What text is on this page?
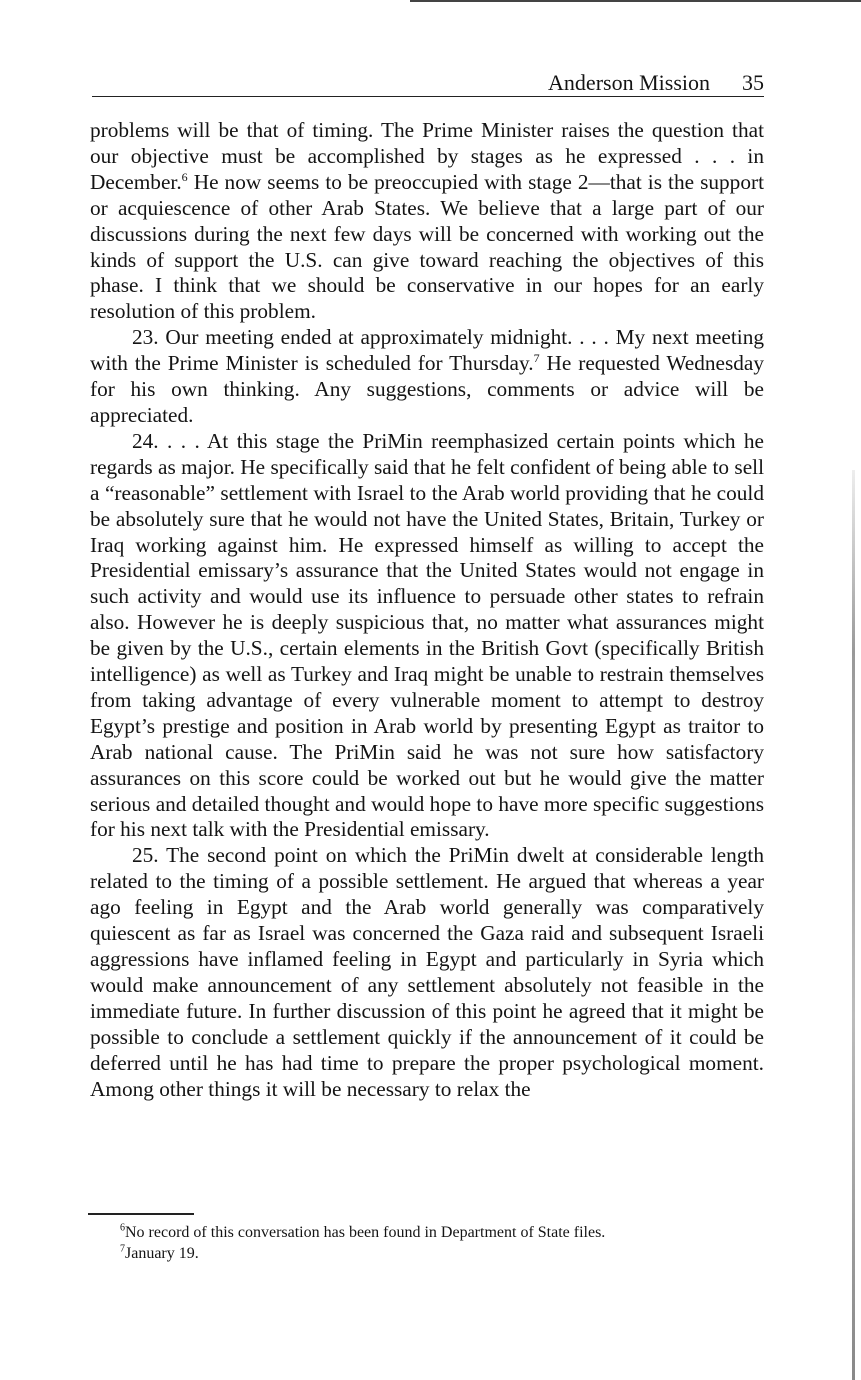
Anderson Mission 35

problems will be that of timing. The Prime Minister raises the question that our objective must be accomplished by stages as he expressed . . . in December.$^6$ He now seems to be preoccupied with stage 2—that is the support or acquiescence of other Arab States. We believe that a large part of our discussions during the next few days will be concerned with working out the kinds of support the U.S. can give toward reaching the objectives of this phase. I think that we should be conservative in our hopes for an early resolution of this problem.

23. Our meeting ended at approximately midnight. . . . My next meeting with the Prime Minister is scheduled for Thursday.$^7$ He requested Wednesday for his own thinking. Any suggestions, comments or advice will be appreciated.

24. . . . At this stage the PriMin reemphasized certain points which he regards as major. He specifically said that he felt confident of being able to sell a “reasonable” settlement with Israel to the Arab world providing that he could be absolutely sure that he would not have the United States, Britain, Turkey or Iraq working against him. He expressed himself as willing to accept the Presidential emissary’s assurance that the United States would not engage in such activity and would use its influence to persuade other states to refrain also. However he is deeply suspicious that, no matter what assurances might be given by the U.S., certain elements in the British Govt (specifically British intelligence) as well as Turkey and Iraq might be unable to restrain themselves from taking advantage of every vulnerable moment to attempt to destroy Egypt’s prestige and position in Arab world by presenting Egypt as traitor to Arab national cause. The PriMin said he was not sure how satisfactory assurances on this score could be worked out but he would give the matter serious and detailed thought and would hope to have more specific suggestions for his next talk with the Presidential emissary.

25. The second point on which the PriMin dwelt at considerable length related to the timing of a possible settlement. He argued that whereas a year ago feeling in Egypt and the Arab world generally was comparatively quiescent as far as Israel was concerned the Gaza raid and subsequent Israeli aggressions have inflamed feeling in Egypt and particularly in Syria which would make announcement of any settlement absolutely not feasible in the immediate future. In further discussion of this point he agreed that it might be possible to conclude a settlement quickly if the announcement of it could be deferred until he has had time to prepare the proper psychological moment. Among other things it will be necessary to relax the

$^6$No record of this conversation has been found in Department of State files.
$^7$January 19.
